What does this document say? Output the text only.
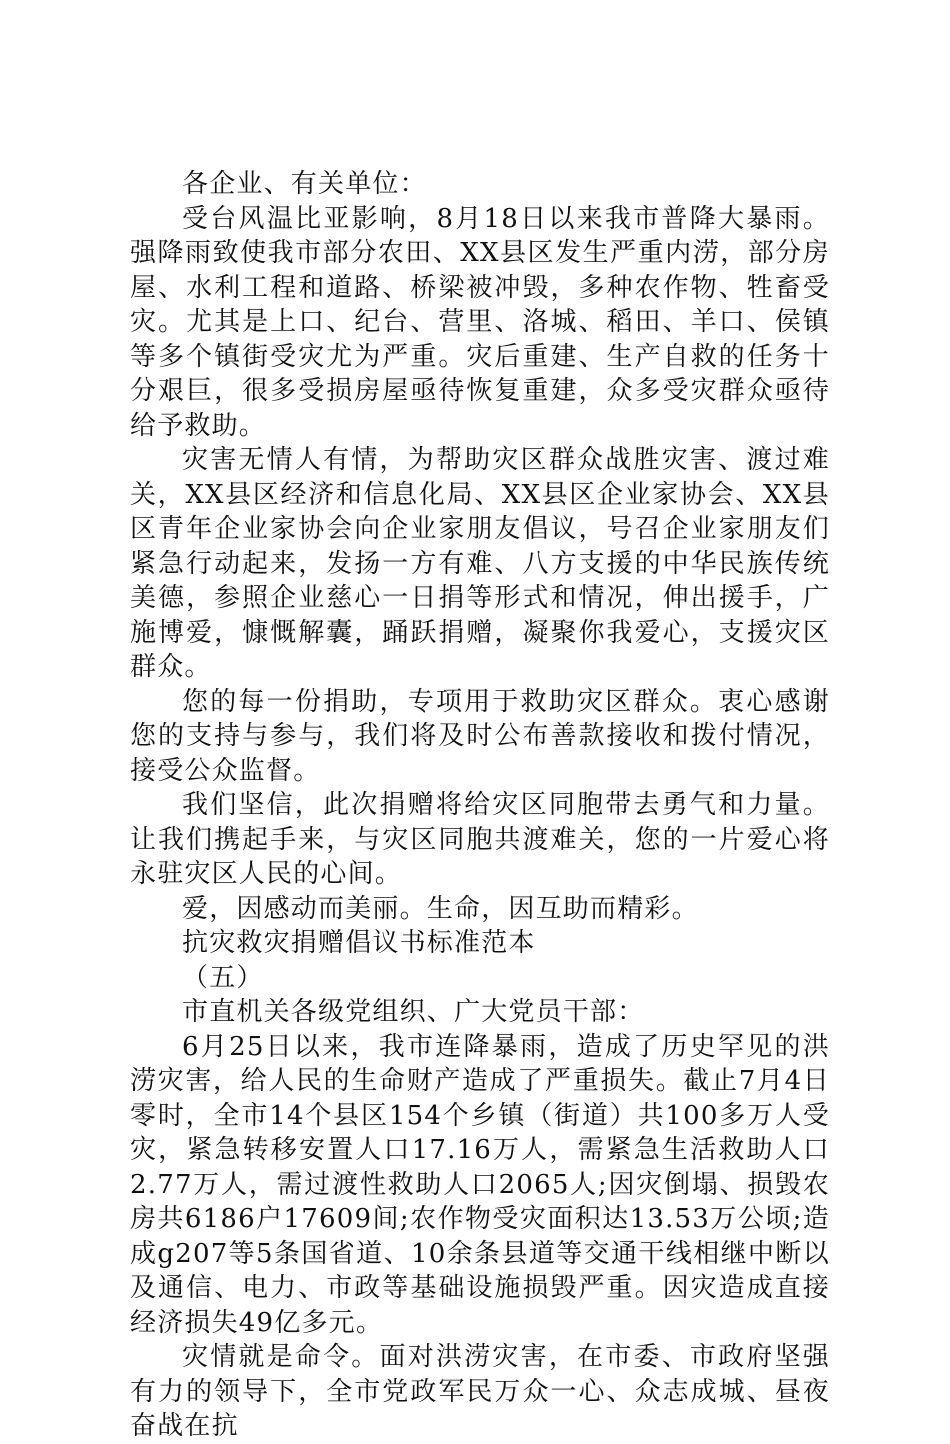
各企业、有关单位：

受台风温比亚影响，8月18日以来我市普降大暴雨。强降雨致使我市部分农田、XX县区发生严重内涝，部分房屋、水利工程和道路、桥梁被冲毁，多种农作物、牲畜受灾。尤其是上口、纪台、营里、洛城、稻田、羊口、侯镇等多个镇街受灾尤为严重。灾后重建、生产自救的任务十分艰巨，很多受损房屋亟待恢复重建，众多受灾群众亟待给予救助。

灾害无情人有情，为帮助灾区群众战胜灾害、渡过难关，XX县区经济和信息化局、XX县区企业家协会、XX县区青年企业家协会向企业家朋友倡议，号召企业家朋友们紧急行动起来，发扬一方有难、八方支援的中华民族传统美德，参照企业慈心一日捐等形式和情况，伸出援手，广施博爱，慷慨解囊，踊跃捐赠，凝聚你我爱心，支援灾区群众。

您的每一份捐助，专项用于救助灾区群众。衷心感谢您的支持与参与，我们将及时公布善款接收和拨付情况，接受公众监督。

我们坚信，此次捐赠将给灾区同胞带去勇气和力量。让我们携起手来，与灾区同胞共渡难关，您的一片爱心将永驻灾区人民的心间。

爱，因感动而美丽。生命，因互助而精彩。

抗灾救灾捐赠倡议书标准范本

（五）

市直机关各级党组织、广大党员干部：

6月25日以来，我市连降暴雨，造成了历史罕见的洪涝灾害，给人民的生命财产造成了严重损失。截止7月4日零时，全市14个县区154个乡镇（街道）共100多万人受灾，紧急转移安置人口17.16万人，需紧急生活救助人口2.77万人，需过渡性救助人口2065人;因灾倒塌、损毁农房共6186户17609间;农作物受灾面积达13.53万公顷;造成g207等5条国省道、10余条县道等交通干线相继中断以及通信、电力、市政等基础设施损毁严重。因灾造成直接经济损失49亿多元。

灾情就是命令。面对洪涝灾害，在市委、市政府坚强有力的领导下，全市党政军民万众一心、众志成城、昼夜奋战在抗
